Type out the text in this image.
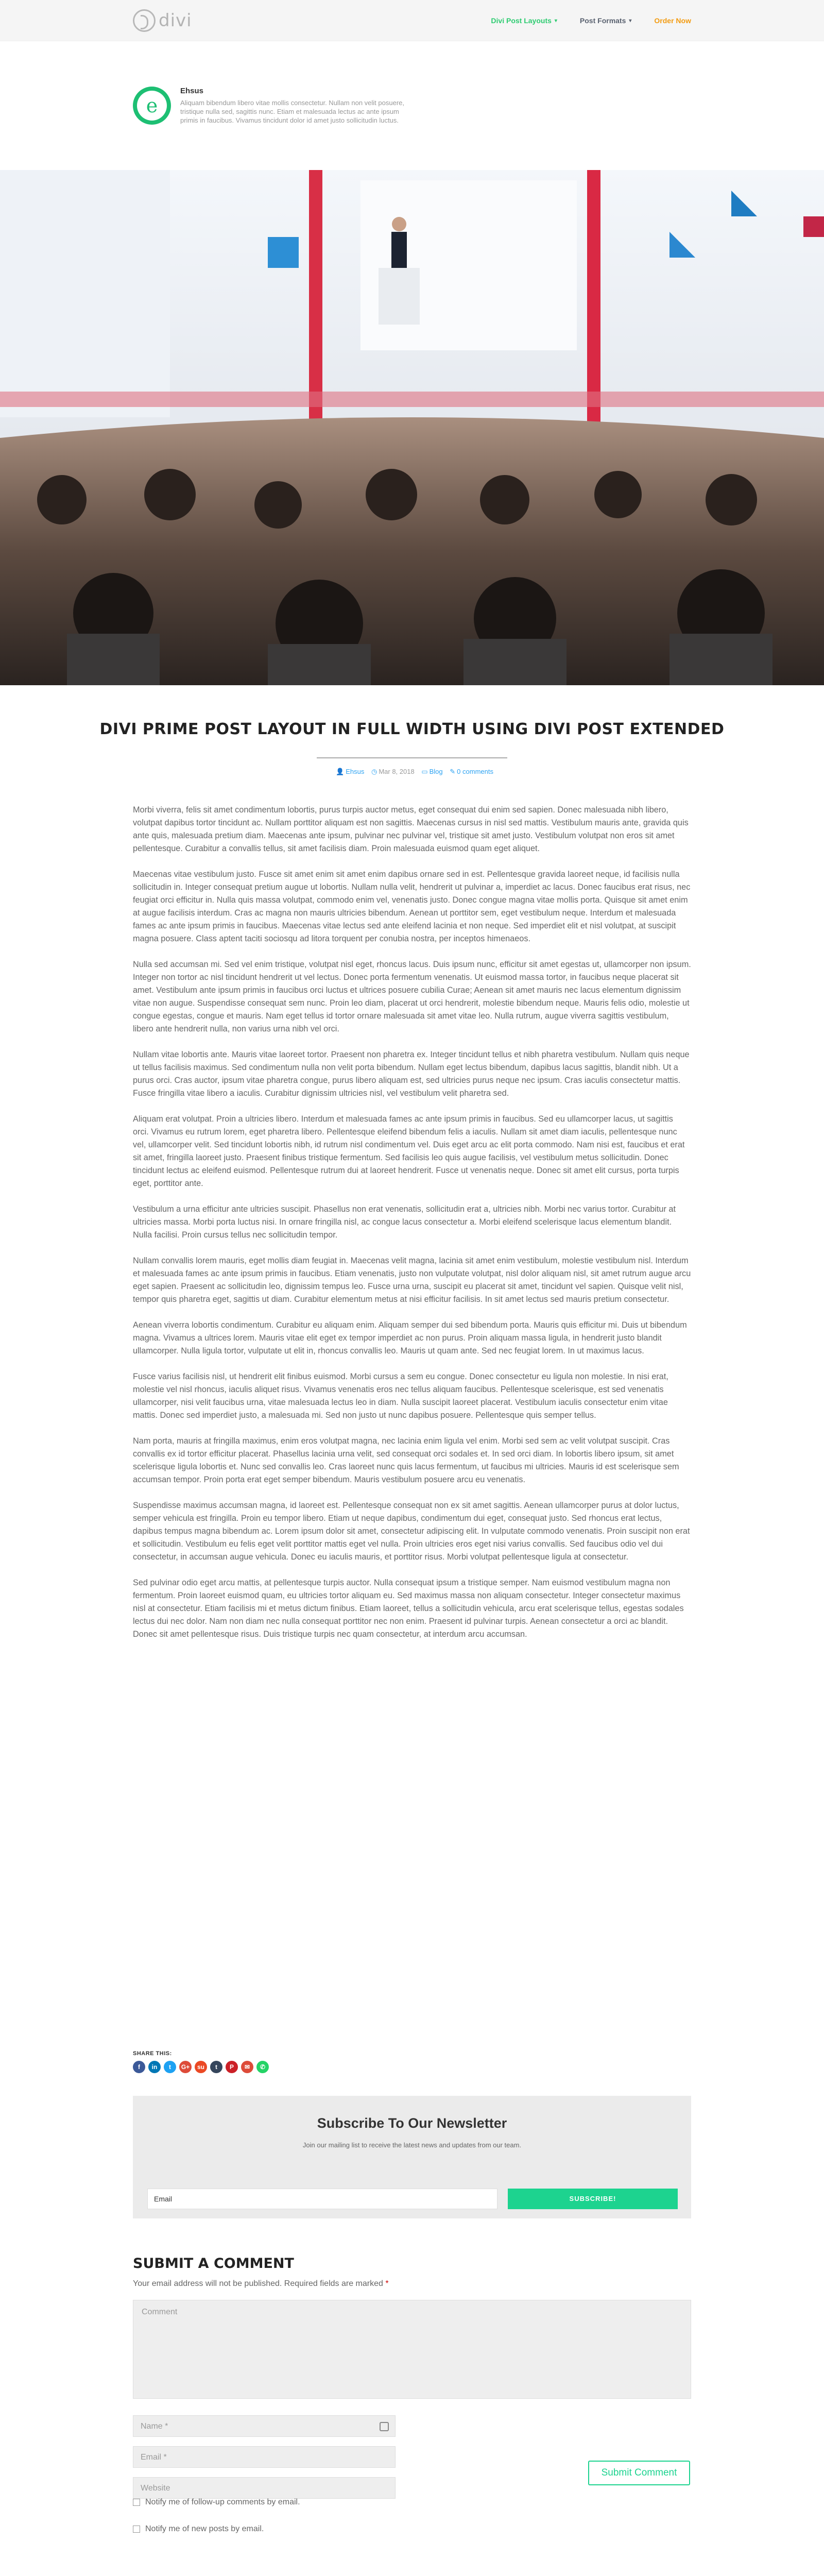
divi	Divi Post Layouts ▾	Post Formats ▾	Order Now
e
Ehsus
Aliquam bibendum libero vitae mollis consectetur. Nullam non velit posuere, tristique nulla sed, sagittis nunc. Etiam et malesuada lectus ac ante ipsum primis in faucibus. Vivamus tincidunt dolor id amet justo sollicitudin luctus.
DIVI PRIME POST LAYOUT IN FULL WIDTH USING DIVI POST EXTENDED
👤 Ehsus ◷ Mar 8, 2018 ▭ Blog ✎ 0 comments

Morbi viverra, felis sit amet condimentum lobortis, purus turpis auctor metus, eget consequat dui enim sed sapien. Donec malesuada nibh libero, volutpat dapibus tortor tincidunt ac. Nullam porttitor aliquam est non sagittis. Maecenas cursus in nisl sed mattis. Vestibulum mauris ante, gravida quis ante quis, malesuada pretium diam. Maecenas ante ipsum, pulvinar nec pulvinar vel, tristique sit amet justo. Vestibulum volutpat non eros sit amet pellentesque. Curabitur a convallis tellus, sit amet facilisis diam. Proin malesuada euismod quam eget aliquet.

Maecenas vitae vestibulum justo. Fusce sit amet enim sit amet enim dapibus ornare sed in est. Pellentesque gravida laoreet neque, id facilisis nulla sollicitudin in. Integer consequat pretium augue ut lobortis. Nullam nulla velit, hendrerit ut pulvinar a, imperdiet ac lacus. Donec faucibus erat risus, nec feugiat orci efficitur in. Nulla quis massa volutpat, commodo enim vel, venenatis justo. Donec congue magna vitae mollis porta. Quisque sit amet enim at augue facilisis interdum. Cras ac magna non mauris ultricies bibendum. Aenean ut porttitor sem, eget vestibulum neque. Interdum et malesuada fames ac ante ipsum primis in faucibus. Maecenas vitae lectus sed ante eleifend lacinia et non neque. Sed imperdiet elit et nisl volutpat, at suscipit magna posuere. Class aptent taciti sociosqu ad litora torquent per conubia nostra, per inceptos himenaeos.

Nulla sed accumsan mi. Sed vel enim tristique, volutpat nisl eget, rhoncus lacus. Duis ipsum nunc, efficitur sit amet egestas ut, ullamcorper non ipsum. Integer non tortor ac nisl tincidunt hendrerit ut vel lectus. Donec porta fermentum venenatis. Ut euismod massa tortor, in faucibus neque placerat sit amet. Vestibulum ante ipsum primis in faucibus orci luctus et ultrices posuere cubilia Curae; Aenean sit amet mauris nec lacus elementum dignissim vitae non augue. Suspendisse consequat sem nunc. Proin leo diam, placerat ut orci hendrerit, molestie bibendum neque. Mauris felis odio, molestie ut congue egestas, congue et mauris. Nam eget tellus id tortor ornare malesuada sit amet vitae leo. Nulla rutrum, augue viverra sagittis vestibulum, libero ante hendrerit nulla, non varius urna nibh vel orci.

Nullam vitae lobortis ante. Mauris vitae laoreet tortor. Praesent non pharetra ex. Integer tincidunt tellus et nibh pharetra vestibulum. Nullam quis neque ut tellus facilisis maximus. Sed condimentum nulla non velit porta bibendum. Nullam eget lectus bibendum, dapibus lacus sagittis, blandit nibh. Ut a purus orci. Cras auctor, ipsum vitae pharetra congue, purus libero aliquam est, sed ultricies purus neque nec ipsum. Cras iaculis consectetur mattis. Fusce fringilla vitae libero a iaculis. Curabitur dignissim ultricies nisl, vel vestibulum velit pharetra sed.

Aliquam erat volutpat. Proin a ultricies libero. Interdum et malesuada fames ac ante ipsum primis in faucibus. Sed eu ullamcorper lacus, ut sagittis orci. Vivamus eu rutrum lorem, eget pharetra libero. Pellentesque eleifend bibendum felis a iaculis. Nullam sit amet diam iaculis, pellentesque nunc vel, ullamcorper velit. Sed tincidunt lobortis nibh, id rutrum nisl condimentum vel. Duis eget arcu ac elit porta commodo. Nam nisi est, faucibus et erat sit amet, fringilla laoreet justo. Praesent finibus tristique fermentum. Sed facilisis leo quis augue facilisis, vel vestibulum metus sollicitudin. Donec tincidunt lectus ac eleifend euismod. Pellentesque rutrum dui at laoreet hendrerit. Fusce ut venenatis neque. Donec sit amet elit cursus, porta turpis eget, porttitor ante.

Vestibulum a urna efficitur ante ultricies suscipit. Phasellus non erat venenatis, sollicitudin erat a, ultricies nibh. Morbi nec varius tortor. Curabitur at ultricies massa. Morbi porta luctus nisi. In ornare fringilla nisl, ac congue lacus consectetur a. Morbi eleifend scelerisque lacus elementum blandit. Nulla facilisi. Proin cursus tellus nec sollicitudin tempor.

Nullam convallis lorem mauris, eget mollis diam feugiat in. Maecenas velit magna, lacinia sit amet enim vestibulum, molestie vestibulum nisl. Interdum et malesuada fames ac ante ipsum primis in faucibus. Etiam venenatis, justo non vulputate volutpat, nisl dolor aliquam nisl, sit amet rutrum augue arcu eget sapien. Praesent ac sollicitudin leo, dignissim tempus leo. Fusce urna urna, suscipit eu placerat sit amet, tincidunt vel sapien. Quisque velit nisl, tempor quis pharetra eget, sagittis ut diam. Curabitur elementum metus at nisi efficitur facilisis. In sit amet lectus sed mauris pretium consectetur.

Aenean viverra lobortis condimentum. Curabitur eu aliquam enim. Aliquam semper dui sed bibendum porta. Mauris quis efficitur mi. Duis ut bibendum magna. Vivamus a ultrices lorem. Mauris vitae elit eget ex tempor imperdiet ac non purus. Proin aliquam massa ligula, in hendrerit justo blandit ullamcorper. Nulla ligula tortor, vulputate ut elit in, rhoncus convallis leo. Mauris ut quam ante. Sed nec feugiat lorem. In ut maximus lacus.

Fusce varius facilisis nisl, ut hendrerit elit finibus euismod. Morbi cursus a sem eu congue. Donec consectetur eu ligula non molestie. In nisi erat, molestie vel nisl rhoncus, iaculis aliquet risus. Vivamus venenatis eros nec tellus aliquam faucibus. Pellentesque scelerisque, est sed venenatis ullamcorper, nisi velit faucibus urna, vitae malesuada lectus leo in diam. Nulla suscipit laoreet placerat. Vestibulum iaculis consectetur enim vitae mattis. Donec sed imperdiet justo, a malesuada mi. Sed non justo ut nunc dapibus posuere. Pellentesque quis semper tellus.

Nam porta, mauris at fringilla maximus, enim eros volutpat magna, nec lacinia enim ligula vel enim. Morbi sed sem ac velit volutpat suscipit. Cras convallis ex id tortor efficitur placerat. Phasellus lacinia urna velit, sed consequat orci sodales et. In sed orci diam. In lobortis libero ipsum, sit amet scelerisque ligula lobortis et. Nunc sed convallis leo. Cras laoreet nunc quis lacus fermentum, ut faucibus mi ultricies. Mauris id est scelerisque sem accumsan tempor. Proin porta erat eget semper bibendum. Mauris vestibulum posuere arcu eu venenatis.

Suspendisse maximus accumsan magna, id laoreet est. Pellentesque consequat non ex sit amet sagittis. Aenean ullamcorper purus at dolor luctus, semper vehicula est fringilla. Proin eu tempor libero. Etiam ut neque dapibus, condimentum dui eget, consequat justo. Sed rhoncus erat lectus, dapibus tempus magna bibendum ac. Lorem ipsum dolor sit amet, consectetur adipiscing elit. In vulputate commodo venenatis. Proin suscipit non erat et sollicitudin. Vestibulum eu felis eget velit porttitor mattis eget vel nulla. Proin ultricies eros eget nisi varius convallis. Sed faucibus odio vel dui consectetur, in accumsan augue vehicula. Donec eu iaculis mauris, et porttitor risus. Morbi volutpat pellentesque ligula at consectetur.

Sed pulvinar odio eget arcu mattis, at pellentesque turpis auctor. Nulla consequat ipsum a tristique semper. Nam euismod vestibulum magna non fermentum. Proin laoreet euismod quam, eu ultricies tortor aliquam eu. Sed maximus massa non aliquam consectetur. Integer consectetur maximus nisl at consectetur. Etiam facilisis mi et metus dictum finibus. Etiam laoreet, tellus a sollicitudin vehicula, arcu erat scelerisque tellus, egestas sodales lectus dui nec dolor. Nam non diam nec nulla consequat porttitor nec non enim. Praesent id pulvinar turpis. Aenean consectetur a orci ac blandit. Donec sit amet pellentesque risus. Duis tristique turpis nec quam consectetur, at interdum arcu accumsan.

SHARE THIS:
f	in	t	G+	su	t	P	✉	✆
Subscribe To Our Newsletter
Join our mailing list to receive the latest news and updates from our team.
Email	SUBSCRIBE!
SUBMIT A COMMENT
Your email address will not be published. Required fields are marked *
Comment
Name *
Email *
Website
Submit Comment
Notify me of follow-up comments by email.
Notify me of new posts by email.
